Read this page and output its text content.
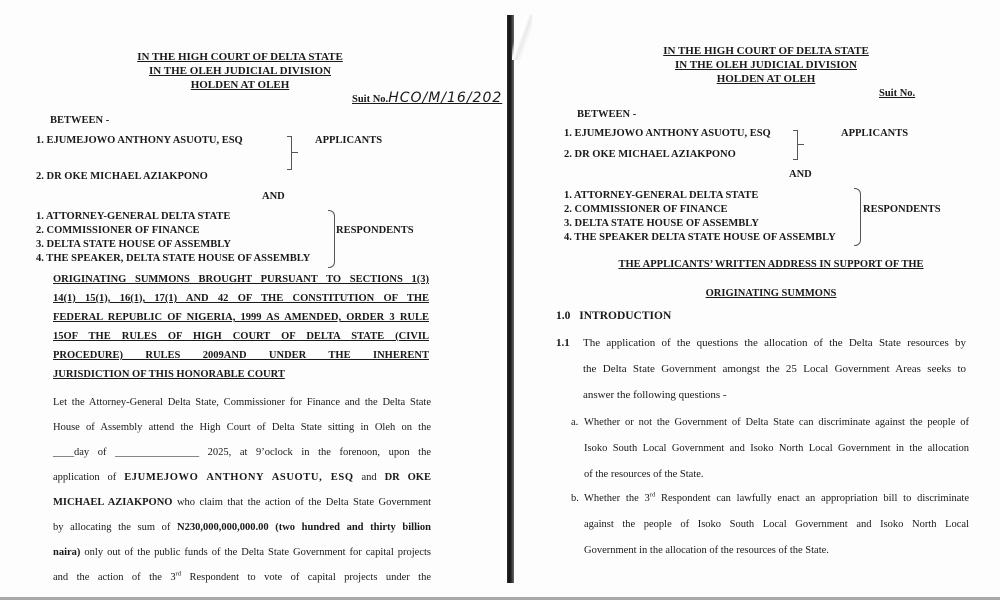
IN THE HIGH COURT OF DELTA STATE
IN THE OLEH JUDICIAL DIVISION
HOLDEN AT OLEH
Suit No.HCO/M/16/202
BETWEEN -
1. EJUMEJOWO ANTHONY ASUOTU, ESQ	APPLICANTS
2. DR OKE MICHAEL AZIAKPONO
AND
1. ATTORNEY-GENERAL DELTA STATE
2. COMMISSIONER OF FINANCE
3. DELTA STATE HOUSE OF ASSEMBLY
4. THE SPEAKER, DELTA STATE HOUSE OF ASSEMBLY
RESPONDENTS
ORIGINATING SUMMONS BROUGHT PURSUANT TO SECTIONS 1(3)
14(1) 15(1), 16(1), 17(1) AND 42 OF THE CONSTITUTION OF THE
FEDERAL REPUBLIC OF NIGERIA, 1999 AS AMENDED, ORDER 3 RULE
15OF THE RULES OF HIGH COURT OF DELTA STATE (CIVIL
PROCEDURE) RULES 2009AND UNDER THE INHERENT
JURISDICTION OF THIS HONORABLE COURT
Let the Attorney-General Delta State, Commissioner for Finance and the Delta State
House of Assembly attend the High Court of Delta State sitting in Oleh on the
____day of ________________ 2025, at 9’oclock in the forenoon, upon the
application of EJUMEJOWO ANTHONY ASUOTU, ESQ and DR OKE
MICHAEL AZIAKPONO who claim that the action of the Delta State Government
by allocating the sum of N230,000,000,000.00 (two hundred and thirty billion
naira) only out of the public funds of the Delta State Government for capital projects
and the action of the 3rd Respondent to vote of capital projects under the
IN THE HIGH COURT OF DELTA STATE
IN THE OLEH JUDICIAL DIVISION
HOLDEN AT OLEH
Suit No.
BETWEEN -
1. EJUMEJOWO ANTHONY ASUOTU, ESQ	APPLICANTS
2. DR OKE MICHAEL AZIAKPONO
AND
1. ATTORNEY-GENERAL DELTA STATE
2. COMMISSIONER OF FINANCE
3. DELTA STATE HOUSE OF ASSEMBLY
4. THE SPEAKER DELTA STATE HOUSE OF ASSEMBLY
RESPONDENTS
THE APPLICANTS’ WRITTEN ADDRESS IN SUPPORT OF THE
ORIGINATING SUMMONS
1.0 INTRODUCTION
1.1 The application of the questions the allocation of the Delta State resources by
the Delta State Government amongst the 25 Local Government Areas seeks to
answer the following questions -
a. Whether or not the Government of Delta State can discriminate against the people of
Isoko South Local Government and Isoko North Local Government in the allocation
of the resources of the State.
b. Whether the 3rd Respondent can lawfully enact an appropriation bill to discriminate
against the people of Isoko South Local Government and Isoko North Local
Government in the allocation of the resources of the State.
